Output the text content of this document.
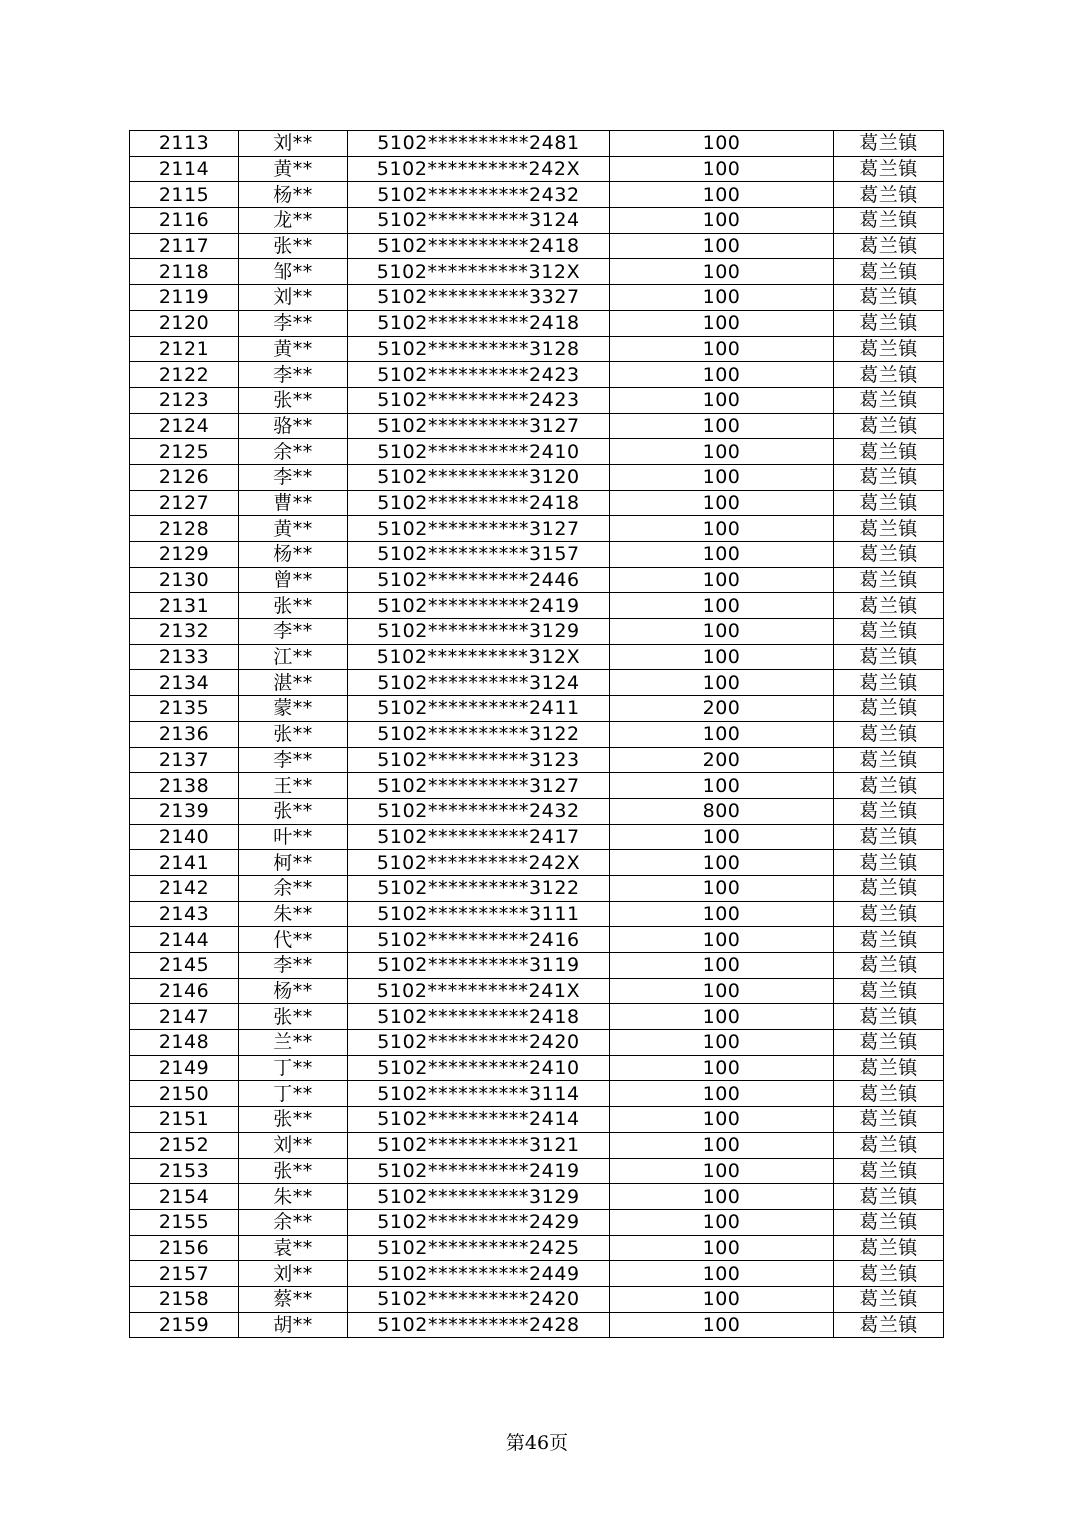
2113	刘**	5102**********2481	100	葛兰镇
2114	黄**	5102**********242X	100	葛兰镇
2115	杨**	5102**********2432	100	葛兰镇
2116	龙**	5102**********3124	100	葛兰镇
2117	张**	5102**********2418	100	葛兰镇
2118	邹**	5102**********312X	100	葛兰镇
2119	刘**	5102**********3327	100	葛兰镇
2120	李**	5102**********2418	100	葛兰镇
2121	黄**	5102**********3128	100	葛兰镇
2122	李**	5102**********2423	100	葛兰镇
2123	张**	5102**********2423	100	葛兰镇
2124	骆**	5102**********3127	100	葛兰镇
2125	余**	5102**********2410	100	葛兰镇
2126	李**	5102**********3120	100	葛兰镇
2127	曹**	5102**********2418	100	葛兰镇
2128	黄**	5102**********3127	100	葛兰镇
2129	杨**	5102**********3157	100	葛兰镇
2130	曾**	5102**********2446	100	葛兰镇
2131	张**	5102**********2419	100	葛兰镇
2132	李**	5102**********3129	100	葛兰镇
2133	江**	5102**********312X	100	葛兰镇
2134	湛**	5102**********3124	100	葛兰镇
2135	蒙**	5102**********2411	200	葛兰镇
2136	张**	5102**********3122	100	葛兰镇
2137	李**	5102**********3123	200	葛兰镇
2138	王**	5102**********3127	100	葛兰镇
2139	张**	5102**********2432	800	葛兰镇
2140	叶**	5102**********2417	100	葛兰镇
2141	柯**	5102**********242X	100	葛兰镇
2142	余**	5102**********3122	100	葛兰镇
2143	朱**	5102**********3111	100	葛兰镇
2144	代**	5102**********2416	100	葛兰镇
2145	李**	5102**********3119	100	葛兰镇
2146	杨**	5102**********241X	100	葛兰镇
2147	张**	5102**********2418	100	葛兰镇
2148	兰**	5102**********2420	100	葛兰镇
2149	丁**	5102**********2410	100	葛兰镇
2150	丁**	5102**********3114	100	葛兰镇
2151	张**	5102**********2414	100	葛兰镇
2152	刘**	5102**********3121	100	葛兰镇
2153	张**	5102**********2419	100	葛兰镇
2154	朱**	5102**********3129	100	葛兰镇
2155	余**	5102**********2429	100	葛兰镇
2156	袁**	5102**********2425	100	葛兰镇
2157	刘**	5102**********2449	100	葛兰镇
2158	蔡**	5102**********2420	100	葛兰镇
2159	胡**	5102**********2428	100	葛兰镇
第46页
